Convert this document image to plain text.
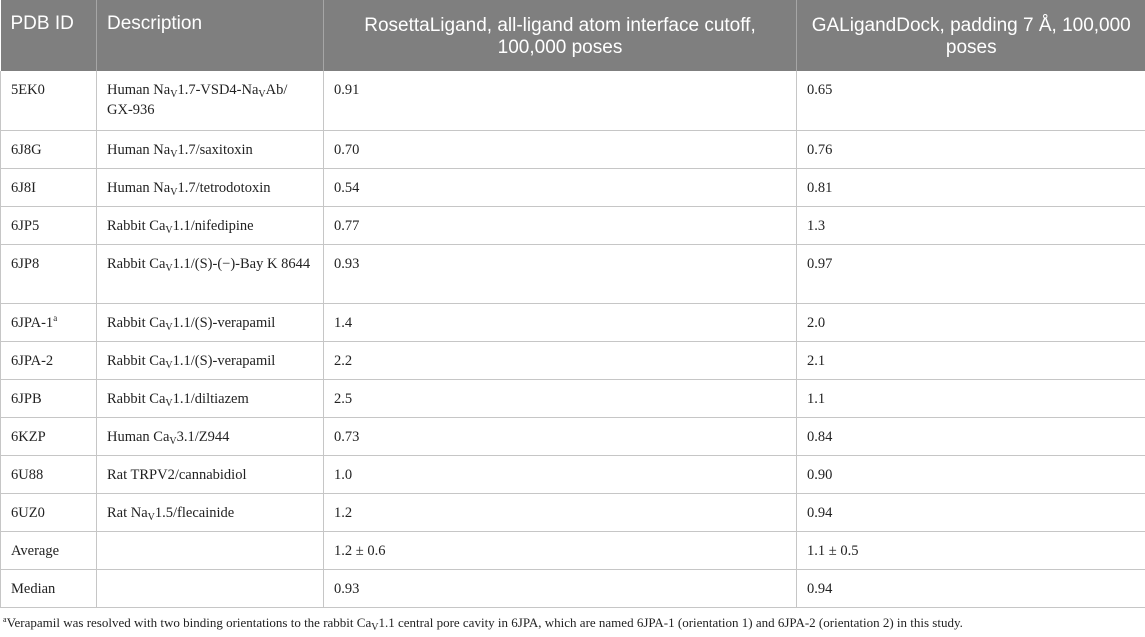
PDB ID	Description	RosettaLigand, all-ligand atom interface cutoff, 100,000 poses	GALigandDock, padding 7 Å, 100,000 poses
5EK0	Human $Na_V1.7-VSD4-Na_VAb/$ GX-936	0.91	0.65
6J8G	Human $Na_V1.7$/saxitoxin	0.70	0.76
6J8I	Human $Na_V1.7$/tetrodotoxin	0.54	0.81
6JP5	Rabbit $Ca_V1.1$/nifedipine	0.77	1.3
6JP8	Rabbit $Ca_V1.1/(S)-(-)$-Bay K 8644	0.93	0.97
6JPA-1$^a$	Rabbit $Ca_V1.1/(S)$-verapamil	1.4	2.0
6JPA-2	Rabbit $Ca_V1.1/(S)$-verapamil	2.2	2.1
6JPB	Rabbit $Ca_V1.1$/diltiazem	2.5	1.1
6KZP	Human $Ca_V3.1/Z944$	0.73	0.84
6U88	Rat TRPV2/cannabidiol	1.0	0.90
6UZ0	Rat $Na_V1.5$/flecainide	1.2	0.94
Average		1.2 ± 0.6	1.1 ± 0.5
Median		0.93	0.94
$^a$Verapamil was resolved with two binding orientations to the rabbit $Ca_V1.1$ central pore cavity in 6JPA, which are named 6JPA-1 (orientation 1) and 6JPA-2 (orientation 2) in this study.
